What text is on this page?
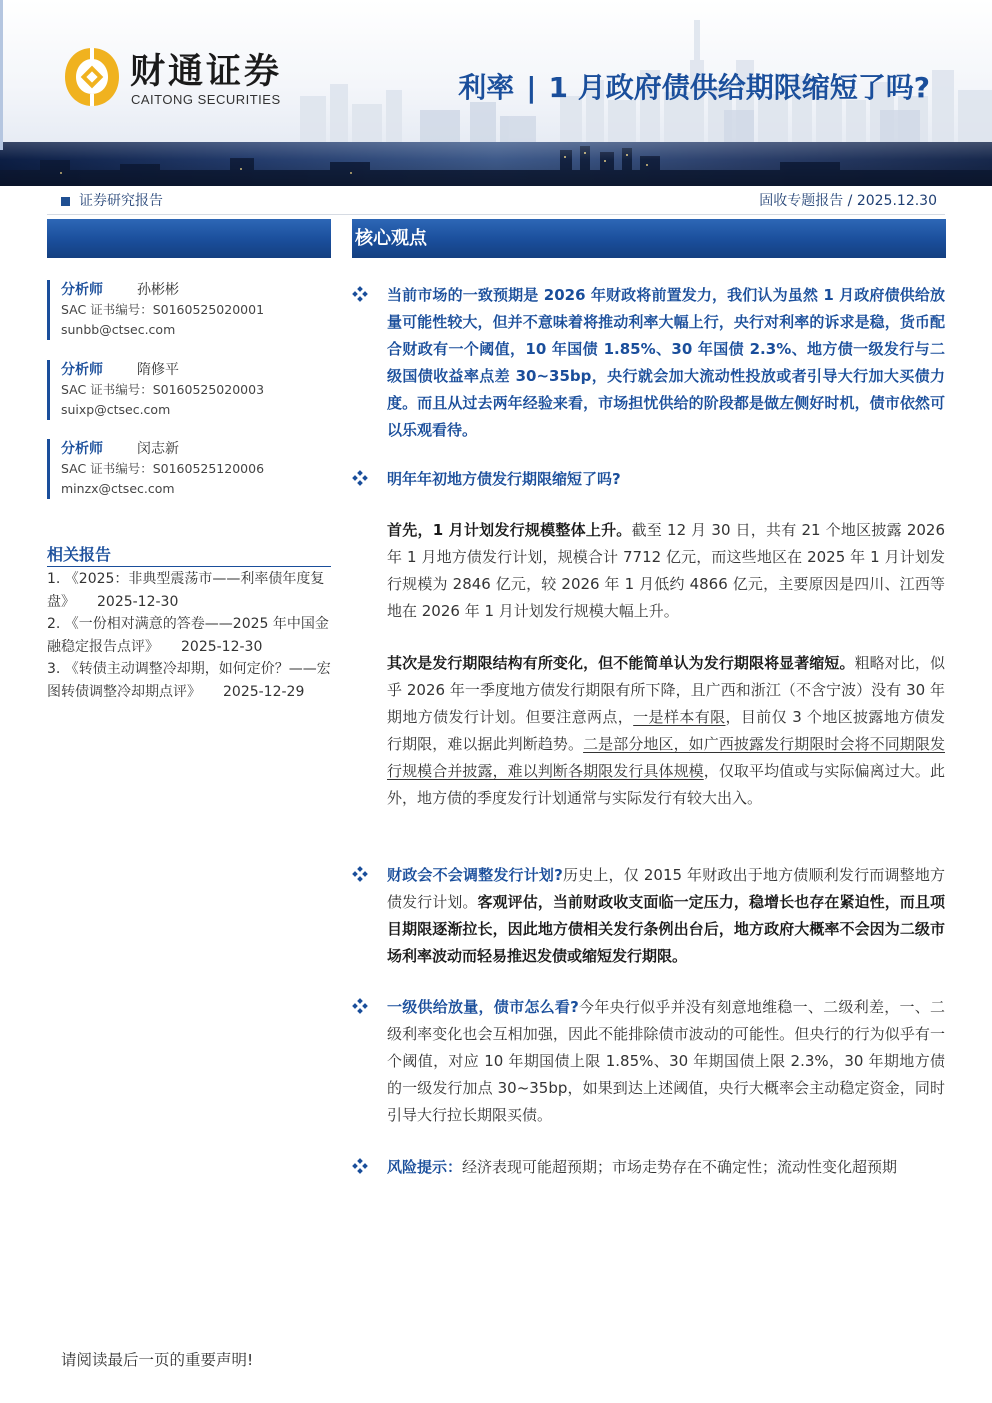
财通证券
CAITONG SECURITIES	利率 | 1 月政府债供给期限缩短了吗?
证券研究报告	固收专题报告 / 2025.12.30
核心观点
分析师 孙彬彬
SAC 证书编号：S0160525020001
sunbb@ctsec.com
分析师 隋修平
SAC 证书编号：S0160525020003
suixp@ctsec.com
分析师 闵志新
SAC 证书编号：S0160525120006
minzx@ctsec.com
相关报告
1. 《2025：非典型震荡市——利率债年度复盘》 2025-12-30
2. 《一份相对满意的答卷——2025 年中国金融稳定报告点评》 2025-12-30
3. 《转债主动调整冷却期，如何定价？——宏图转债调整冷却期点评》 2025-12-29
当前市场的一致预期是 2026 年财政将前置发力，我们认为虽然 1 月政府债供给放量可能性较大，但并不意味着将推动利率大幅上行，央行对利率的诉求是稳，货币配合财政有一个阈值，10 年国债 1.85%、30 年国债 2.3%、地方债一级发行与二级国债收益率点差 30~35bp，央行就会加大流动性投放或者引导大行加大买债力度。而且从过去两年经验来看，市场担忧供给的阶段都是做左侧好时机，债市依然可以乐观看待。
明年年初地方债发行期限缩短了吗?
首先，1 月计划发行规模整体上升。截至 12 月 30 日，共有 21 个地区披露 2026 年 1 月地方债发行计划，规模合计 7712 亿元，而这些地区在 2025 年 1 月计划发行规模为 2846 亿元，较 2026 年 1 月低约 4866 亿元，主要原因是四川、江西等地在 2026 年 1 月计划发行规模大幅上升。
其次是发行期限结构有所变化，但不能简单认为发行期限将显著缩短。粗略对比，似乎 2026 年一季度地方债发行期限有所下降，且广西和浙江（不含宁波）没有 30 年期地方债发行计划。但要注意两点，一是样本有限，目前仅 3 个地区披露地方债发行期限，难以据此判断趋势。二是部分地区，如广西披露发行期限时会将不同期限发行规模合并披露，难以判断各期限发行具体规模，仅取平均值或与实际偏离过大。此外，地方债的季度发行计划通常与实际发行有较大出入。
财政会不会调整发行计划?历史上，仅 2015 年财政出于地方债顺利发行而调整地方债发行计划。客观评估，当前财政收支面临一定压力，稳增长也存在紧迫性，而且项目期限逐渐拉长，因此地方债相关发行条例出台后，地方政府大概率不会因为二级市场利率波动而轻易推迟发债或缩短发行期限。
一级供给放量，债市怎么看?今年央行似乎并没有刻意地维稳一、二级利差，一、二级利率变化也会互相加强，因此不能排除债市波动的可能性。但央行的行为似乎有一个阈值，对应 10 年期国债上限 1.85%、30 年期国债上限 2.3%，30 年期地方债的一级发行加点 30~35bp，如果到达上述阈值，央行大概率会主动稳定资金，同时引导大行拉长期限买债。
风险提示：经济表现可能超预期；市场走势存在不确定性；流动性变化超预期
请阅读最后一页的重要声明!
